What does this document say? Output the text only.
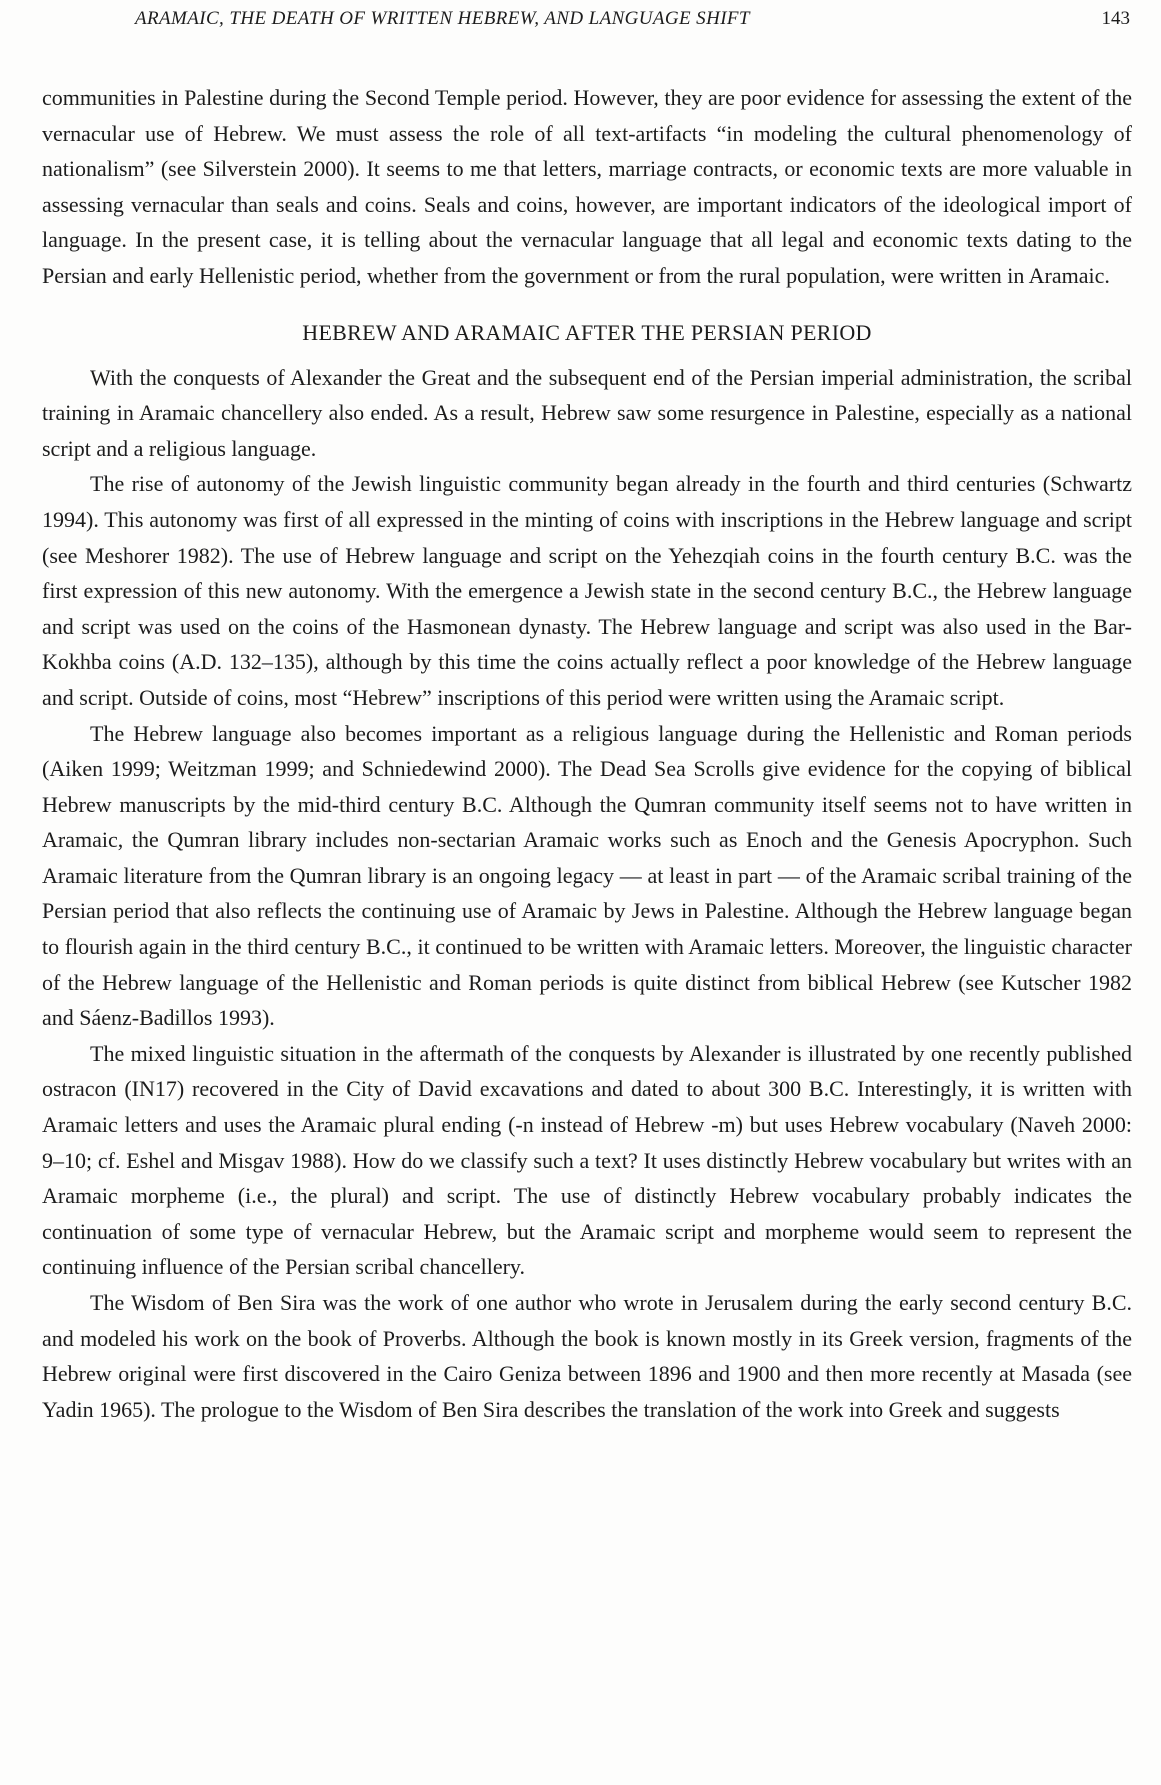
ARAMAIC, THE DEATH OF WRITTEN HEBREW, AND LANGUAGE SHIFT	143

communities in Palestine during the Second Temple period. However, they are poor evidence for assessing the extent of the vernacular use of Hebrew. We must assess the role of all text-artifacts “in modeling the cultural phenomenology of nationalism” (see Silverstein 2000). It seems to me that letters, marriage contracts, or economic texts are more valuable in assessing vernacular than seals and coins. Seals and coins, however, are important indicators of the ideological import of language. In the present case, it is telling about the vernacular language that all legal and economic texts dating to the Persian and early Hellenistic period, whether from the government or from the rural population, were written in Aramaic.

HEBREW AND ARAMAIC AFTER THE PERSIAN PERIOD

With the conquests of Alexander the Great and the subsequent end of the Persian imperial administration, the scribal training in Aramaic chancellery also ended. As a result, Hebrew saw some resurgence in Palestine, especially as a national script and a religious language.

The rise of autonomy of the Jewish linguistic community began already in the fourth and third centuries (Schwartz 1994). This autonomy was first of all expressed in the minting of coins with inscriptions in the Hebrew language and script (see Meshorer 1982). The use of Hebrew language and script on the Yehezqiah coins in the fourth century B.C. was the first expression of this new autonomy. With the emergence a Jewish state in the second century B.C., the Hebrew language and script was used on the coins of the Hasmonean dynasty. The Hebrew language and script was also used in the Bar-Kokhba coins (A.D. 132–135), although by this time the coins actually reflect a poor knowledge of the Hebrew language and script. Outside of coins, most “Hebrew” inscriptions of this period were written using the Aramaic script.

The Hebrew language also becomes important as a religious language during the Hellenistic and Roman periods (Aiken 1999; Weitzman 1999; and Schniedewind 2000). The Dead Sea Scrolls give evidence for the copying of biblical Hebrew manuscripts by the mid-third century B.C. Although the Qumran community itself seems not to have written in Aramaic, the Qumran library includes non-sectarian Aramaic works such as Enoch and the Genesis Apocryphon. Such Aramaic literature from the Qumran library is an ongoing legacy — at least in part — of the Aramaic scribal training of the Persian period that also reflects the continuing use of Aramaic by Jews in Palestine. Although the Hebrew language began to flourish again in the third century B.C., it continued to be written with Aramaic letters. Moreover, the linguistic character of the Hebrew language of the Hellenistic and Roman periods is quite distinct from biblical Hebrew (see Kutscher 1982 and Sáenz-Badillos 1993).

The mixed linguistic situation in the aftermath of the conquests by Alexander is illustrated by one recently published ostracon (IN17) recovered in the City of David excavations and dated to about 300 B.C. Interestingly, it is written with Aramaic letters and uses the Aramaic plural ending (-n instead of Hebrew -m) but uses Hebrew vocabulary (Naveh 2000: 9–10; cf. Eshel and Misgav 1988). How do we classify such a text? It uses distinctly Hebrew vocabulary but writes with an Aramaic morpheme (i.e., the plural) and script. The use of distinctly Hebrew vocabulary probably indicates the continuation of some type of vernacular Hebrew, but the Aramaic script and morpheme would seem to represent the continuing influence of the Persian scribal chancellery.

The Wisdom of Ben Sira was the work of one author who wrote in Jerusalem during the early second century B.C. and modeled his work on the book of Proverbs. Although the book is known mostly in its Greek version, fragments of the Hebrew original were first discovered in the Cairo Geniza between 1896 and 1900 and then more recently at Masada (see Yadin 1965). The prologue to the Wisdom of Ben Sira describes the translation of the work into Greek and suggests
